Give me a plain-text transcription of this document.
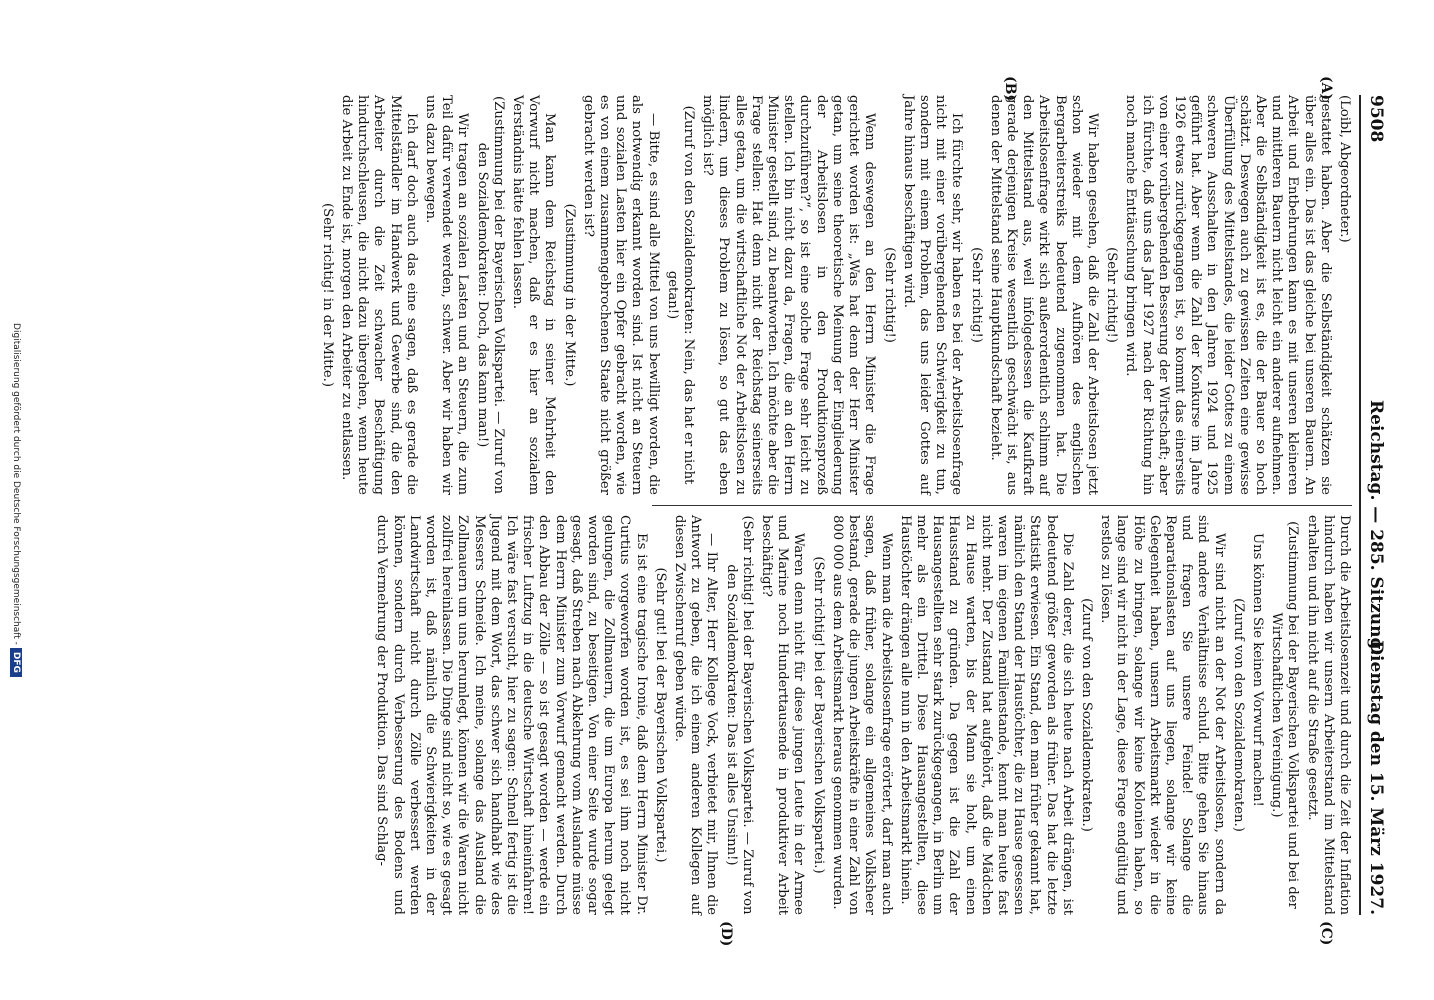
9508
Reichstag. — 285. Sitzung.
Dienstag den 15. März 1927.
(A)
(B)
(C)
(D)

(Loibl, Abgeordneter.)

gestattet haben. Aber die Selbständigkeit schätzen sie über alles ein. Das ist das gleiche bei unseren Bauern. An Arbeit und Entbehrungen kann es mit unseren kleineren und mittleren Bauern nicht leicht ein anderer aufnehmen. Aber die Selbständigkeit ist es, die der Bauer so hoch schätzt. Deswegen auch zu gewissen Zeiten eine gewisse Überfüllung des Mittelstandes, die leider Gottes zu einem schweren Ausschalten in den Jahren 1924 und 1925 geführt hat. Aber wenn die Zahl der Konkurse im Jahre 1926 etwas zurückgegangen ist, so kommt das einerseits von einer vorübergehenden Besserung der Wirtschaft; aber ich fürchte, daß uns das Jahr 1927 nach der Richtung hin noch manche Enttäuschung bringen wird.

(Sehr richtig!)

Wir haben gesehen, daß die Zahl der Arbeitslosen jetzt schon wieder mit dem Aufhören des englischen Bergarbeiterstreiks bedeutend zugenommen hat. Die Arbeitslosenfrage wirkt sich außerordentlich schlimm auf den Mittelstand aus, weil infolgedessen die Kaufkraft gerade derjenigen Kreise wesentlich geschwächt ist, aus denen der Mittelstand seine Hauptkundschaft bezieht.

(Sehr richtig!)

Ich fürchte sehr, wir haben es bei der Arbeitslosenfrage nicht mit einer vorübergehenden Schwierigkeit zu tun, sondern mit einem Problem, das uns leider Gottes auf Jahre hinaus beschäftigen wird.

(Sehr richtig!)

Wenn deswegen an den Herrn Minister die Frage gerichtet worden ist: „Was hat denn der Herr Minister getan, um seine theoretische Meinung der Eingliederung der Arbeitslosen in den Produktionsprozeß durchzuführen?“, so ist eine solche Frage sehr leicht zu stellen. Ich bin nicht dazu da, Fragen, die an den Herrn Minister gestellt sind, zu beantworten. Ich möchte aber die Frage stellen: Hat denn nicht der Reichstag seinerseits alles getan, um die wirtschaftliche Not der Arbeitslosen zu lindern, um dieses Problem zu lösen, so gut das eben möglich ist?

(Zuruf von den Sozialdemokraten: Nein, das hat er nicht getan!)

— Bitte, es sind alle Mittel von uns bewilligt worden, die als notwendig erkannt worden sind. Ist nicht an Steuern und sozialen Lasten hier ein Opfer gebracht worden, wie es von einem zusammengebrochenen Staate nicht größer gebracht werden ist?

(Zustimmung in der Mitte.)

Man kann dem Reichstag in seiner Mehrheit den Vorwurf nicht machen, daß er es hier an sozialem Verständnis hätte fehlen lassen.

(Zustimmung bei der Bayerischen Volkspartei. — Zuruf von den Sozialdemokraten: Doch, das kann man!)

Wir tragen an sozialen Lasten und an Steuern, die zum Teil dafür verwendet werden, schwer. Aber wir haben wir uns dazu bewegen.

Ich darf doch auch das eine sagen, daß es gerade die Mittelständler im Handwerk und Gewerbe sind, die den Arbeiter durch die Zeit schwacher Beschäftigung hindurchschleusen, die nicht dazu übergehen, wenn heute die Arbeit zu Ende ist, morgen den Arbeiter zu entlassen.

(Sehr richtig! in der Mitte.)

Durch die Arbeitslosenzeit und durch die Zeit der Inflation hindurch haben wir unsern Arbeiterstand im Mittelstand erhalten und ihn nicht auf die Straße gesetzt.

(Zustimmung bei der Bayerischen Volkspartei und bei der Wirtschaftlichen Vereinigung.)

Uns können Sie keinen Vorwurf machen!

(Zuruf von den Sozialdemokraten.)

Wir sind nicht an der Not der Arbeitslosen, sondern da sind andere Verhältnisse schuld. Bitte gehen Sie hinaus und fragen Sie unsere Feinde! Solange die Reparationslasten auf uns liegen, solange wir keine Gelegenheit haben, unsern Arbeitsmarkt wieder in die Höhe zu bringen, solange wir keine Kolonien haben, so lange sind wir nicht in der Lage, diese Frage endgültig und restlos zu lösen.

(Zuruf von den Sozialdemokraten.)

Die Zahl derer, die sich heute nach Arbeit drängen, ist bedeutend größer geworden als früher. Das hat die letzte Statistik erwiesen. Ein Stand, den man früher gekannt hat, nämlich den Stand der Haustöchter, die zu Hause gesessen waren im eigenen Familienstande, kennt man heute fast nicht mehr. Der Zustand hat aufgehört, daß die Mädchen zu Hause warten, bis der Mann sie holt, um einen Hausstand zu gründen. Da gegen ist die Zahl der Hausangestellten sehr stark zurückgegangen, in Berlin um mehr als ein Drittel. Diese Hausangestellten, diese Haustöchter drängen alle nun in den Arbeitsmarkt hinein.

Wenn man die Arbeitslosenfrage erörtert, darf man auch sagen, daß früher, solange ein allgemeines Volksheer bestand, gerade die jungen Arbeitskräfte in einer Zahl von 800 000 aus dem Arbeitsmarkt heraus genommen wurden.

(Sehr richtig! bei der Bayerischen Volkspartei.)

Waren denn nicht für diese jungen Leute in der Armee und Marine noch Hunderttausende in produktiver Arbeit beschäftigt?

(Sehr richtig! bei der Bayerischen Volkspartei. — Zuruf von den Sozialdemokraten: Das ist alles Unsinn!)

— Ihr Alter, Herr Kollege Vock, verbietet mir, Ihnen die Antwort zu geben, die ich einem anderen Kollegen auf diesen Zwischenruf geben würde.

(Sehr gut! bei der Bayerischen Volkspartei.)

Es ist eine tragische Ironie, daß dem Herrn Minister Dr. Curtius vorgeworfen worden ist, es sei ihm noch nicht gelungen, die Zollmauern, die um Europa herum gelegt worden sind, zu beseitigen. Von einer Seite wurde sogar gesagt, daß Streben nach Abkehrung vom Auslande müsse dem Herrn Minister zum Vorwurf gemacht werden. Durch den Abbau der Zölle — so ist gesagt worden — werde ein frischer Luftzug in die deutsche Wirtschaft hineinfahren! Ich wäre fast versucht, hier zu sagen: Schnell fertig ist die Jugend mit dem Wort, das schwer sich handhabt wie des Messers Schneide. Ich meine, solange das Ausland die Zollmauern um uns herumlegt, können wir die Waren nicht zollfrei hereinlassen. Die Dinge sind nicht so, wie es gesagt worden ist, daß nämlich die Schwierigkeiten in der Landwirtschaft nicht durch Zölle verbessert werden können, sondern durch Verbesserung des Bodens und durch Vermehrung der Produktion. Das sind Schlag-

Digitalisierung gefördert durch die Deutsche Forschungsgemeinschaft -DFG
